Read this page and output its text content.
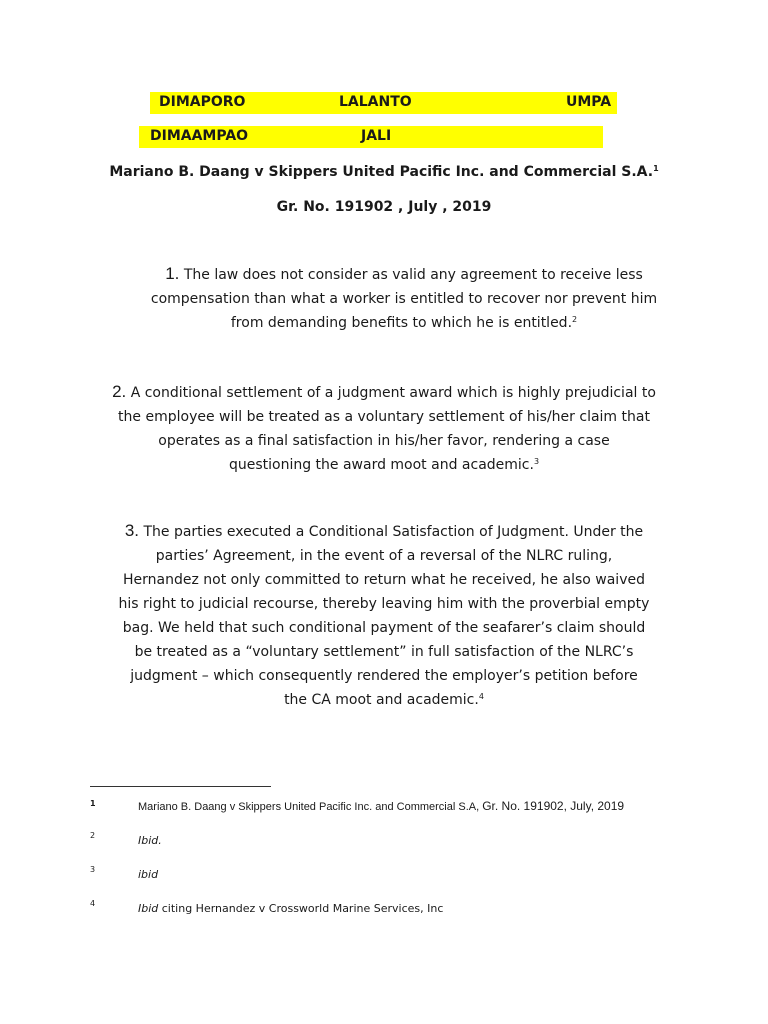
DIMAPORO	LALANTO	UMPA
DIMAAMPAO	JALI
Mariano B. Daang v Skippers United Pacific Inc. and Commercial S.A.$^1$
Gr. No. 191902 , July , 2019
1. The law does not consider as valid any agreement to receive less
compensation than what a worker is entitled to recover nor prevent him
from demanding benefits to which he is entitled.$^2$
2. A conditional settlement of a judgment award which is highly prejudicial to
the employee will be treated as a voluntary settlement of his/her claim that
operates as a final satisfaction in his/her favor, rendering a case
questioning the award moot and academic.$^3$
3. The parties executed a Conditional Satisfaction of Judgment. Under the
parties’ Agreement, in the event of a reversal of the NLRC ruling,
Hernandez not only committed to return what he received, he also waived
his right to judicial recourse, thereby leaving him with the proverbial empty
bag. We held that such conditional payment of the seafarer’s claim should
be treated as a “voluntary settlement” in full satisfaction of the NLRC’s
judgment – which consequently rendered the employer’s petition before
the CA moot and academic.$^4$
1	Mariano B. Daang v Skippers United Pacific Inc. and Commercial S.A, Gr. No. 191902, July, 2019
2	Ibid.
3	ibid
4	Ibid citing Hernandez v Crossworld Marine Services, Inc
